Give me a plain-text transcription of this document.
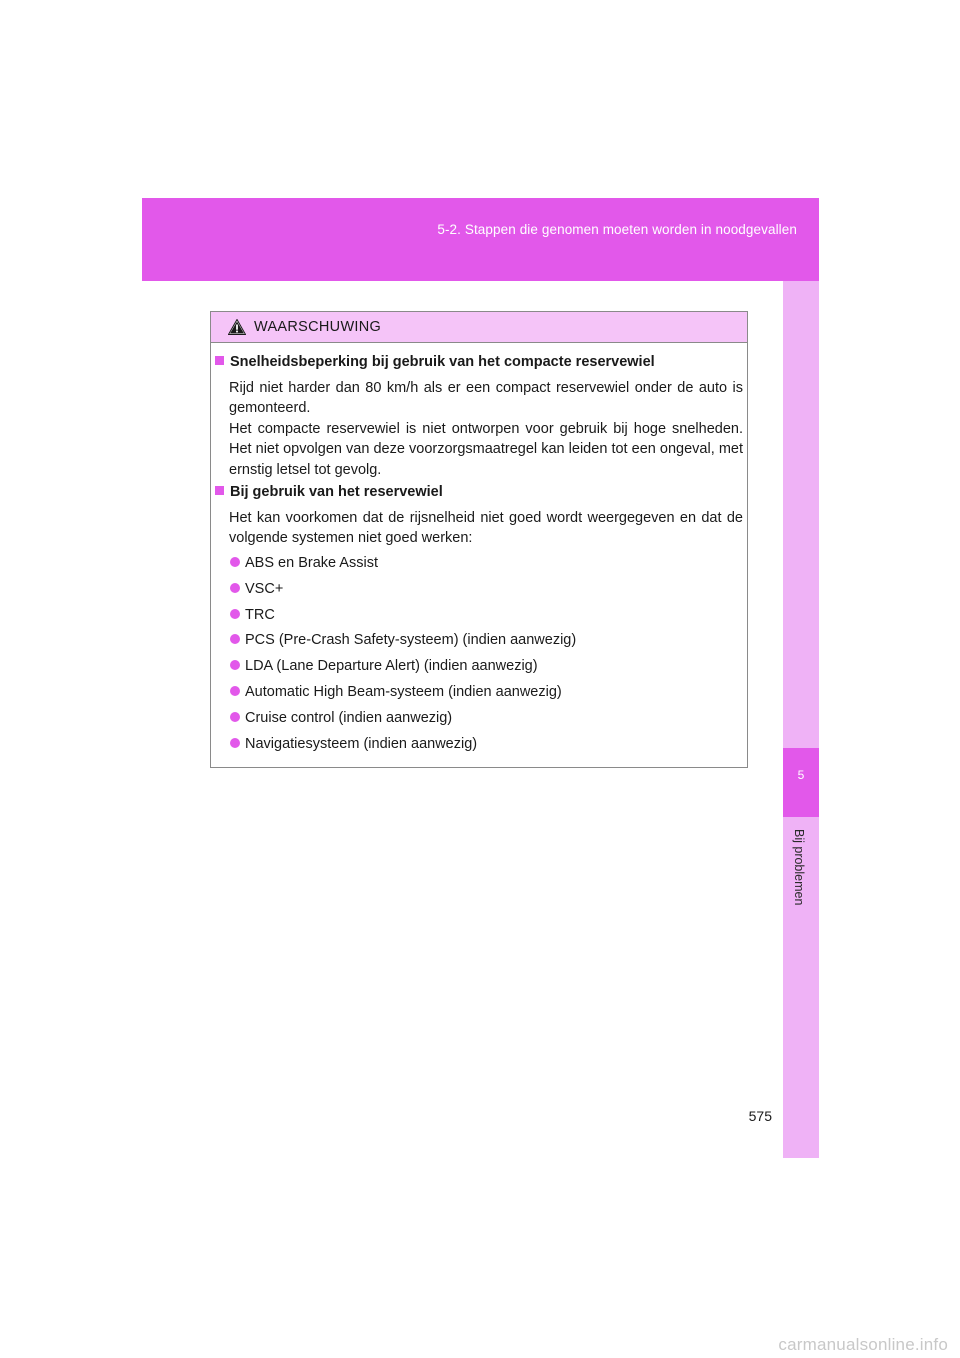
5-2. Stappen die genomen moeten worden in noodgevallen
5
Bij problemen
WAARSCHUWING
Snelheidsbeperking bij gebruik van het compacte reservewiel

Rijd niet harder dan 80 km/h als er een compact reservewiel onder de auto is gemonteerd.

Het compacte reservewiel is niet ontworpen voor gebruik bij hoge snelheden. Het niet opvolgen van deze voorzorgsmaatregel kan leiden tot een ongeval, met ernstig letsel tot gevolg.

Bij gebruik van het reservewiel

Het kan voorkomen dat de rijsnelheid niet goed wordt weergegeven en dat de volgende systemen niet goed werken:

ABS en Brake Assist
VSC+
TRC
PCS (Pre-Crash Safety-systeem) (indien aanwezig)
LDA (Lane Departure Alert) (indien aanwezig)
Automatic High Beam-systeem (indien aanwezig)
Cruise control (indien aanwezig)
Navigatiesysteem (indien aanwezig)
575
carmanualsonline.info
